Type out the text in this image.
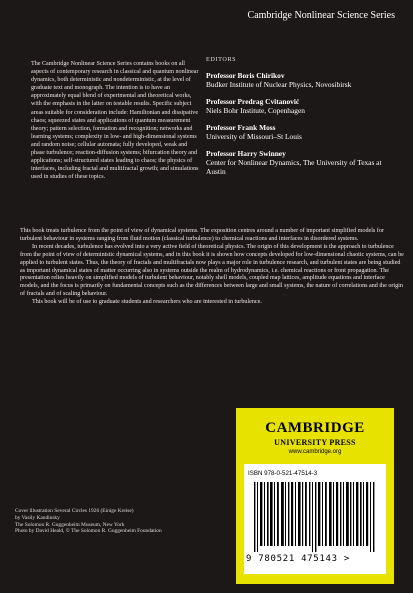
Cambridge Nonlinear Science Series
The Cambridge Nonlinear Science Series contains books on all aspects of contemporary research in classical and quantum nonlinear dynamics, both deterministic and nondeterministic, at the level of graduate text and monograph. The intention is to have an approximately equal blend of experimental and theoretical works, with the emphasis in the latter on testable results. Specific subject areas suitable for consideration include: Hamiltonian and dissipative chaos; squeezed states and applications of quantum measurement theory; pattern selection, formation and recognition; networks and learning systems; complexity in low- and high-dimensional systems and random noise; cellular automata; fully developed, weak and phase turbulence; reaction-diffusion systems; bifurcation theory and applications; self-structured states leading to chaos; the physics of interfaces, including fractal and multifractal growth; and simulations used in studies of these topics.
EDITORS
Professor Boris Chirikov
Budker Institute of Nuclear Physics, Novosibirsk
Professor Predrag Cvitanović
Niels Bohr Institute, Copenhagen
Professor Frank Moss
University of Missouri–St Louis
Professor Harry Swinney
Center for Nonlinear Dynamics, The University of Texas at Austin

This book treats turbulence from the point of view of dynamical systems. The exposition centres around a number of important simplified models for turbulent behaviour in systems ranging from fluid motion (classical turbulence) to chemical reactions and interfaces in disordered systems.

In recent decades, turbulence has evolved into a very active field of theoretical physics. The origin of this development is the approach to turbulence from the point of view of deterministic dynamical systems, and in this book it is shown how concepts developed for low-dimensional chaotic systems, can be applied to turbulent states. Thus, the theory of fractals and multifractals now plays a major role in turbulence research, and turbulent states are being studied as important dynamical states of matter occurring also in systems outside the realm of hydrodynamics, i.e. chemical reactions or front propagation. The presentation relies heavily on simplified models of turbulent behaviour, notably shell models, coupled map lattices, amplitude equations and interface models, and the focus is primarily on fundamental concepts such as the differences between large and small systems, the nature of correlations and the origin of fractals and of scaling behaviour.

This book will be of use to graduate students and researchers who are interested in turbulence.

Cover illustration Several Circles 1926 (Einige Kreise)
by Vasily Kandinsky
The Solomon R. Guggenheim Museum, New York
Photo by David Heald, © The Solomon R. Guggenheim Foundation
CAMBRIDGE
UNIVERSITY PRESS
www.cambridge.org
ISBN 978-0-521-47514-3
9 780521 475143 >
